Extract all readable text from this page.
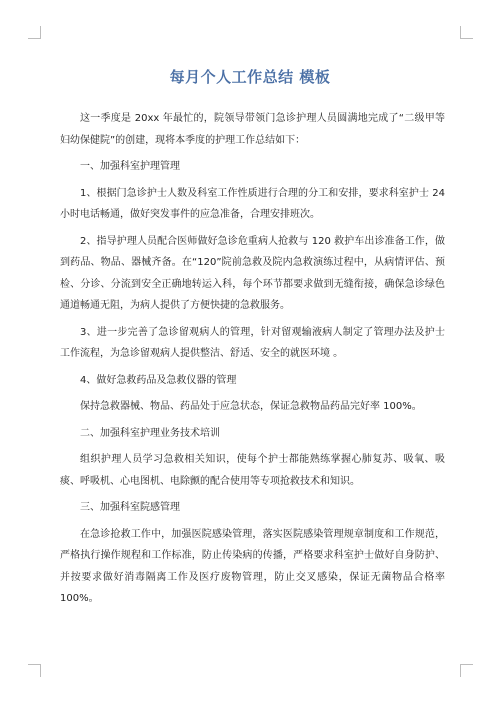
每月个人工作总结 模板

这一季度是 20xx 年最忙的，院领导带领门急诊护理人员圆满地完成了“二级甲等妇幼保健院”的创建，现将本季度的护理工作总结如下：

一、加强科室护理管理

1、根据门急诊护士人数及科室工作性质进行合理的分工和安排，要求科室护士 24 小时电话畅通，做好突发事件的应急准备，合理安排班次。

2、指导护理人员配合医师做好急诊危重病人抢救与 120 救护车出诊准备工作，做到药品、物品、器械齐备。在“120”院前急救及院内急救演练过程中，从病情评估、预检、分诊、分流到安全正确地转运入科，每个环节都要求做到无缝衔接，确保急诊绿色通道畅通无阻，为病人提供了方便快捷的急救服务。

3、进一步完善了急诊留观病人的管理，针对留观输液病人制定了管理办法及护士工作流程，为急诊留观病人提供整洁、舒适、安全的就医环境 。

4、做好急救药品及急救仪器的管理

保持急救器械、物品、药品处于应急状态，保证急救物品药品完好率 100%。

二、加强科室护理业务技术培训

组织护理人员学习急救相关知识，使每个护士都能熟练掌握心肺复苏、吸氧、吸痰、呼吸机、心电图机、电除颤的配合使用等专项抢救技术和知识。

三、加强科室院感管理

在急诊抢救工作中，加强医院感染管理，落实医院感染管理规章制度和工作规范，严格执行操作规程和工作标准，防止传染病的传播，严格要求科室护士做好自身防护、并按要求做好消毒隔离工作及医疗废物管理，防止交叉感染，保证无菌物品合格率 100%。
